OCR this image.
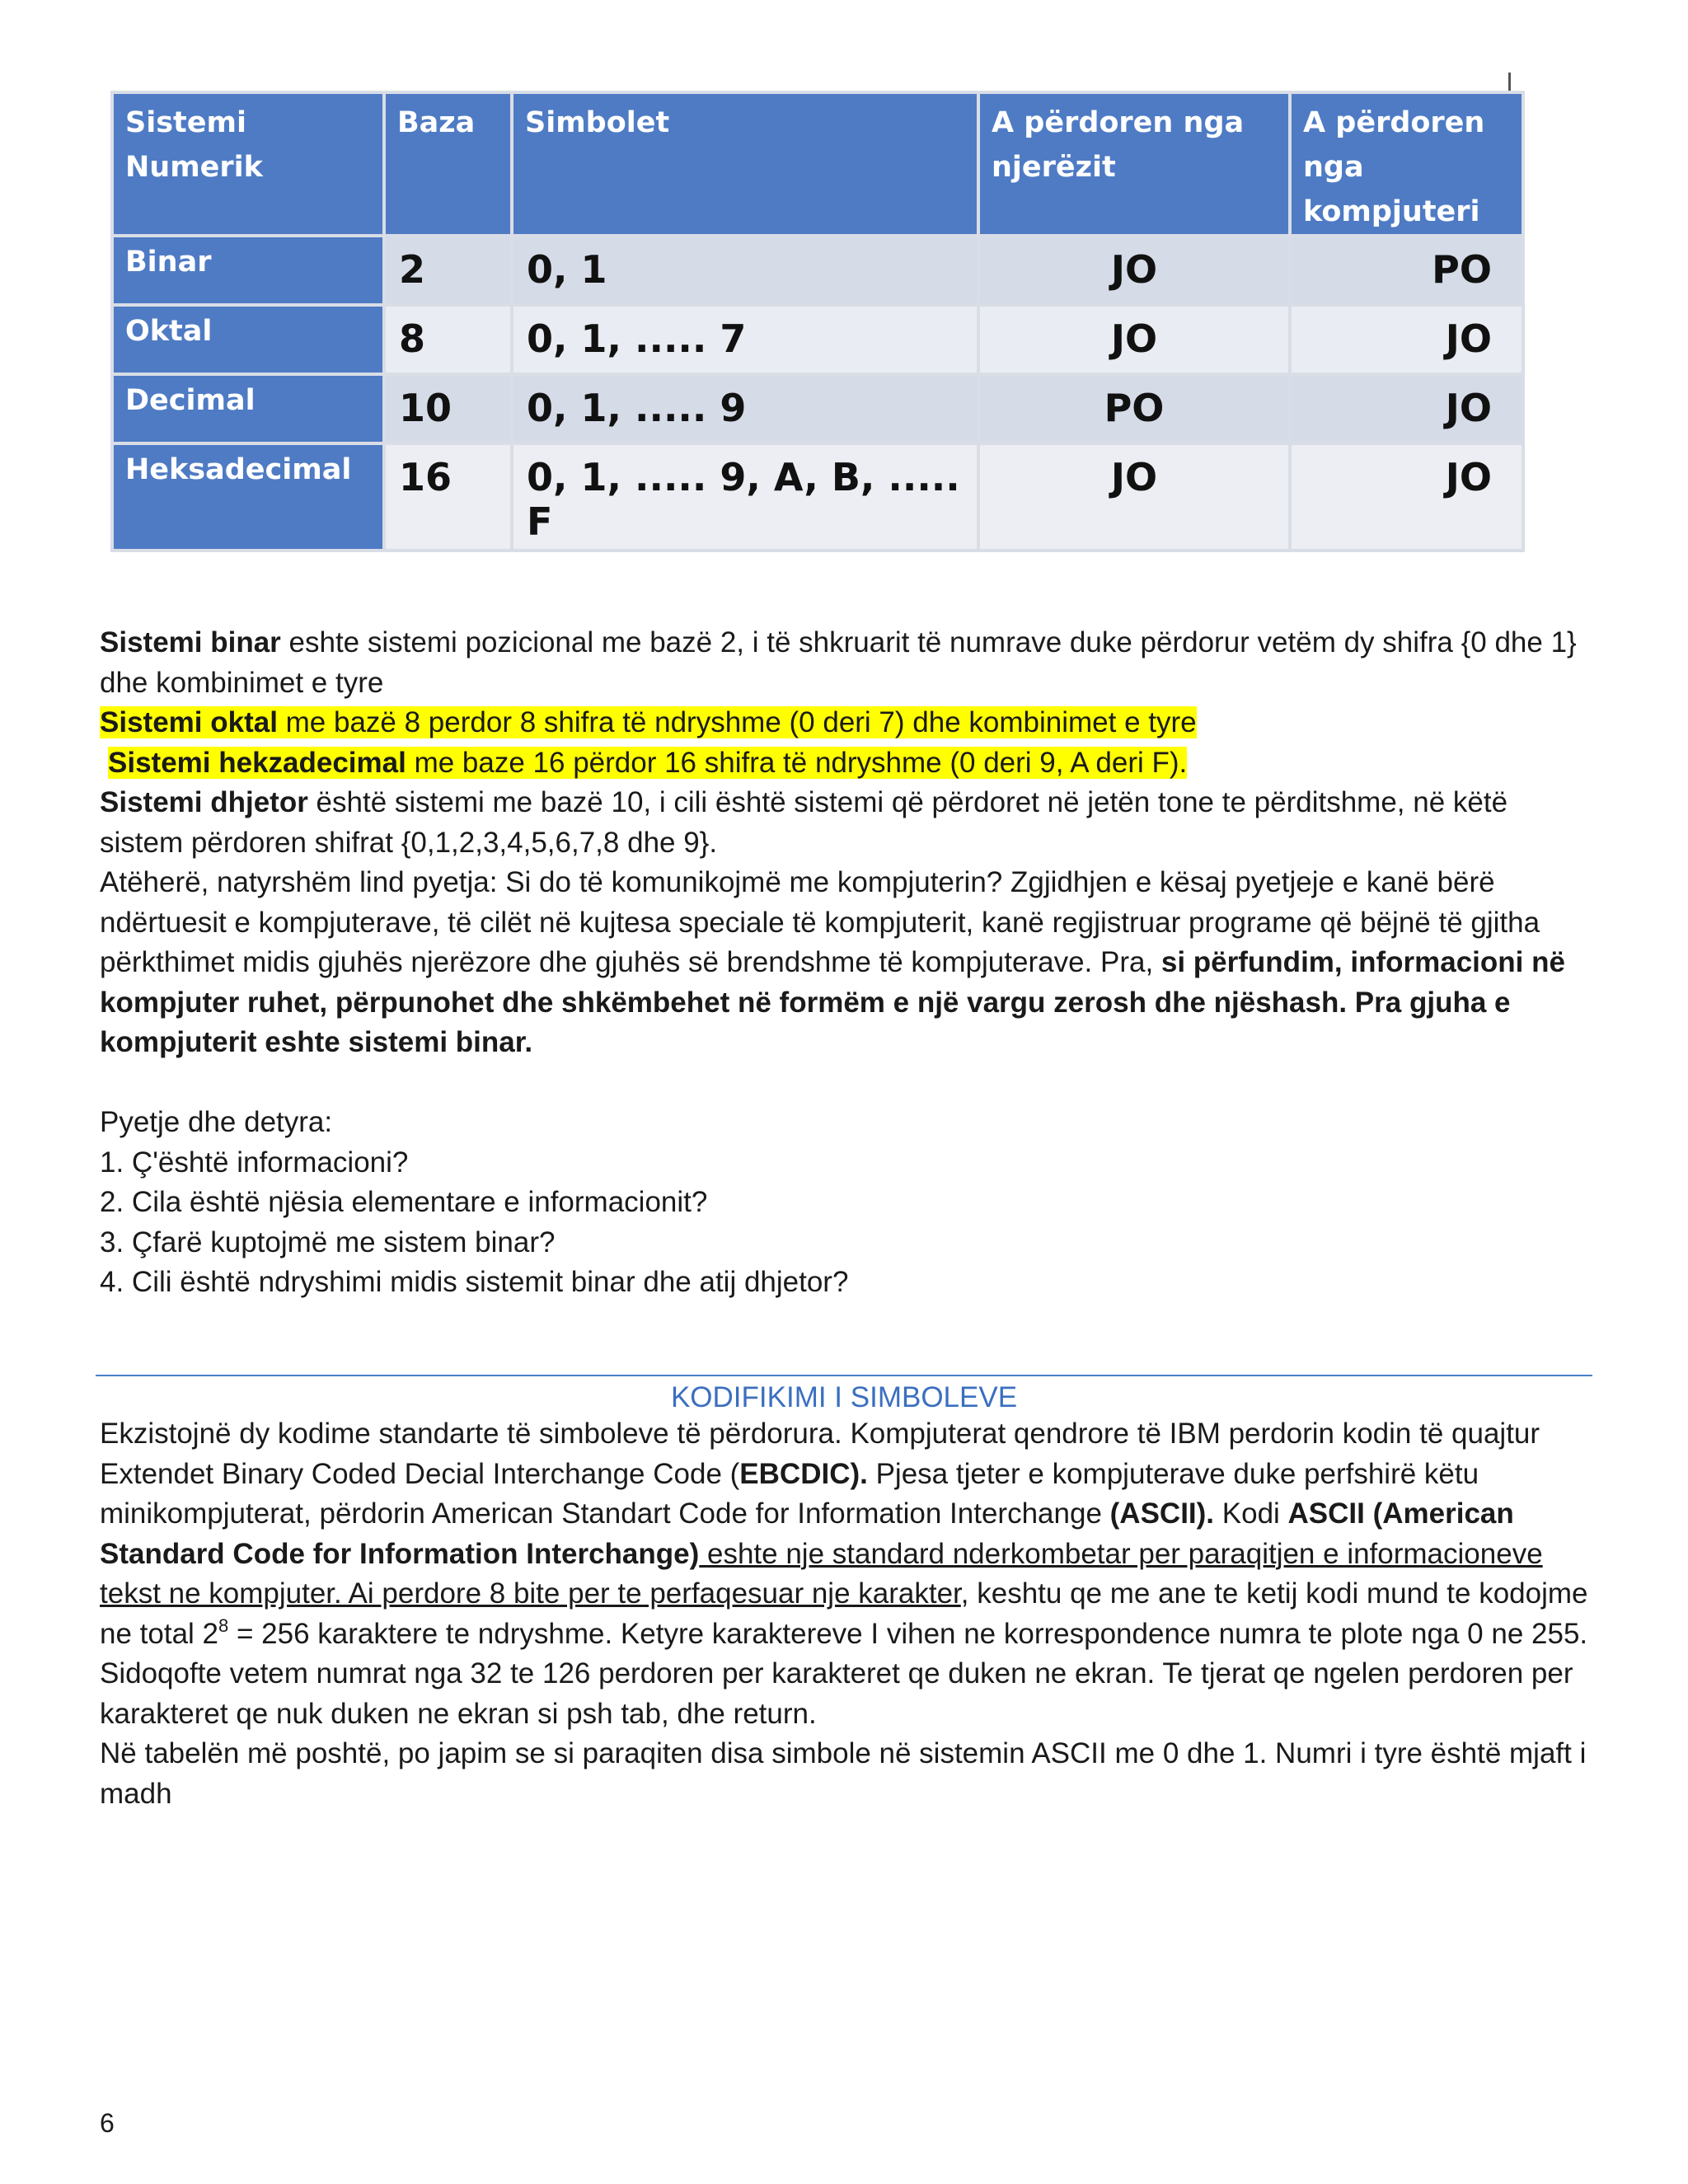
Sistemi Numerik	Baza	Simbolet	A përdoren nga njerëzit	A përdoren nga kompjuteri
Binar	2	0, 1	JO	PO
Oktal	8	0, 1, ..... 7	JO	JO
Decimal	10	0, 1, ..... 9	PO	JO
Heksadecimal	16	0, 1, ..... 9, A, B, ..... F	JO	JO

Sistemi binar eshte sistemi pozicional me bazë 2, i të shkruarit të numrave duke përdorur vetëm dy shifra {0 dhe 1} dhe kombinimet e tyre

Sistemi oktal me bazë 8 perdor 8 shifra të ndryshme (0 deri 7) dhe kombinimet e tyre

Sistemi hekzadecimal me baze 16 përdor 16 shifra të ndryshme (0 deri 9, A deri F).

Sistemi dhjetor është sistemi me bazë 10, i cili është sistemi që përdoret në jetën tone te përditshme, në këtë sistem përdoren shifrat {0,1,2,3,4,5,6,7,8 dhe 9}.

Atëherë, natyrshëm lind pyetja: Si do të komunikojmë me kompjuterin? Zgjidhjen e kësaj pyetjeje e kanë bërë ndërtuesit e kompjuterave, të cilët në kujtesa speciale të kompjuterit, kanë regjistruar programe që bëjnë të gjitha përkthimet midis gjuhës njerëzore dhe gjuhës së brendshme të kompjuterave. Pra, si përfundim, informacioni në kompjuter ruhet, përpunohet dhe shkëmbehet në formëm e një vargu zerosh dhe njëshash. Pra gjuha e kompjuterit eshte sistemi binar.

Pyetje dhe detyra:

1. Ç'është informacioni?

2. Cila është njësia elementare e informacionit?

3. Çfarë kuptojmë me sistem binar?

4. Cili është ndryshimi midis sistemit binar dhe atij dhjetor?

KODIFIKIMI I SIMBOLEVE

Ekzistojnë dy kodime standarte të simboleve të përdorura. Kompjuterat qendrore të IBM perdorin kodin të quajtur Extendet Binary Coded Decial Interchange Code (EBCDIC). Pjesa tjeter e kompjuterave duke perfshirë këtu minikompjuterat, përdorin American Standart Code for Information Interchange (ASCII). Kodi ASCII (American Standard Code for Information Interchange) eshte nje standard nderkombetar per paraqitjen e informacioneve tekst ne kompjuter. Ai perdore 8 bite per te perfaqesuar nje karakter, keshtu qe me ane te ketij kodi mund te kodojme ne total $2^8 = 256$ karaktere te ndryshme. Ketyre karaktereve I vihen ne korrespondence numra te plote nga 0 ne 255. Sidoqofte vetem numrat nga 32 te 126 perdoren per karakteret qe duken ne ekran. Te tjerat qe ngelen perdoren per karakteret qe nuk duken ne ekran si psh tab, dhe return.

Në tabelën më poshtë, po japim se si paraqiten disa simbole në sistemin ASCII me 0 dhe 1. Numri i tyre është mjaft i madh

6
